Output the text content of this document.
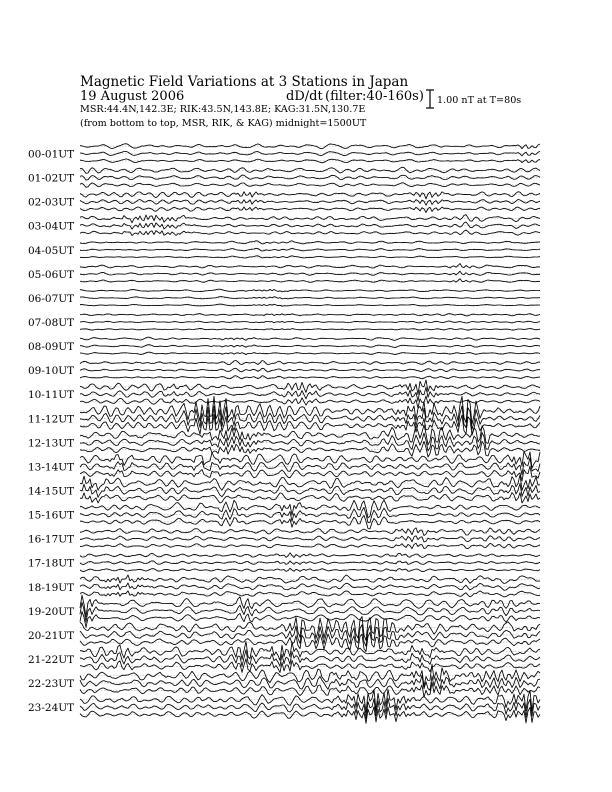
Magnetic Field Variations at 3 Stations in Japan
19 August 2006	dD/dt (filter:40-160s)
MSR:44.4N,142.3E; RIK:43.5N,143.8E; KAG:31.5N,130.7E
(from bottom to top, MSR, RIK, & KAG) midnight=1500UT
1.00 nT at T=80s
00-01UT
01-02UT
02-03UT
03-04UT
04-05UT
05-06UT
06-07UT
07-08UT
08-09UT
09-10UT
10-11UT
11-12UT
12-13UT
13-14UT
14-15UT
15-16UT
16-17UT
17-18UT
18-19UT
19-20UT
20-21UT
21-22UT
22-23UT
23-24UT
